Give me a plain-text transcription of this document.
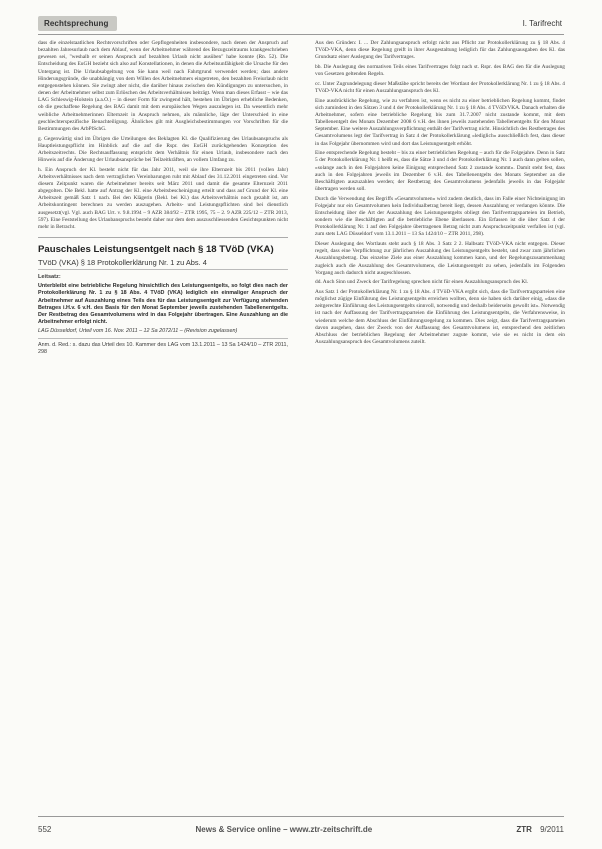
Rechtsprechung	I. Tarifrecht

dass die einzelstaatlichen Rechtsvorschriften oder Gepflogenheiten insbesondere, nach denen der Anspruch auf bezahlten Jahresurlaub nach dem Ablauf, wenn der Arbeitnehmer während des Bezugszeitraums krankgeschrieben gewesen sei, "weshalb er seinen Anspruch auf bezahlten Urlaub nicht ausüben" habe konnte (Rn. 52). Die Entscheidung des EuGH bezieht sich also auf Konstellationen, in denen die Arbeitsunfähigkeit die Ursache für den Untergang ist. Die Urlaubsabgeltung von Sie kann weil nach Fahrtgrund verwendet werden; dass andere Hinderungsgründe, die unabhängig von dem Willen des Arbeitnehmers eingetreten, den bezahlten Freiurlaub nicht entgegenstehen können. Sie zwingt aber nicht, die darüber hinaus zwischen den Kündigungen zu untersuchen, in denen der Arbeitnehmer selbst zum Erlöschen des Arbeitsverhältnisses beiträgt. Wenn man dieses Erfasst – wie das LAG Schleswig-Holstein (a.a.O.) – in dieser Form für zwingend hält, bestehen im Übrigen erhebliche Bedenken, ob die geschaffene Regelung des BAG damit mit dem europäischen Wegen auszulegen ist. Da wesentlich mehr weibliche Arbeitnehmerinnen Elternzeit in Anspruch nehmen, als männliche, läge der Unterschied in eine geschlechterspezifische Benachteiligung. Ähnliches gilt mit Ausgleichsbestimmungen vor Vorschriften für die Bestimmungen des ArbPlSchG.

g. Gegenwärtig sind im Übrigen die Urteilungen des Beklagten Kl. die Qualifizierung des Urlaubsanspruchs als Hauptleistungspflicht im Hinblick auf die auf die Rspr. des EuGH zurückgehenden Konzeption des Arbeitszeitrechts. Die Rechtsauffassung entspricht dem Verhältnis für einen Urlaub, insbesondere nach den Hinweis auf die Änderung der Urlaubsansprüche bei Teilzeitkräften, an vollem Umfang zu.

h. Ein Anspruch der Kl. besteht nicht für das Jahr 2011, weil sie ihre Elternzeit bis 2011 (vollen Jahr) Arbeitsverhältnisses nach dem vertraglichen Vereinbarungen ruht mit Ablauf des 31.12.2011 eingetreten sind. Vor diesem Zeitpunkt waren die Arbeitnehmer bereits seit März 2011 und damit die gesamte Elternzeit 2011 abgegolten. Die Bekl. hatte auf Antrag der Kl. eine Arbeitsbescheinigung erteilt und dass auf Grund der Kl. eine Arbeitszeit gemäß Satz 1 nach. Bei den Klägerin (Bekl. bei Kl.) das Arbeitsverhältnis noch gezahlt ist, am Arbeitskontingent berechnen zu werden auszugehen. Arbeits- und Leistungspflichten sind bei dienstlich ausgesetzt(vgl. Vgl. auch BAG Urt. v. 9.8.1994 – 9 AZR 384/92 – ZTR 1995, 75 – 2. 9 AZR 225/12 – ZTR 2013, 597). Eine Feststellung des Urlaubanspruchs besteht daher nur dem dem auszuschliessenden Gesichtspunkten nicht mehr in Betracht.

Pauschales Leistungsentgelt nach § 18 TVöD (VKA)
TVöD (VKA) § 18 Protokollerklärung Nr. 1 zu Abs. 4
Leitsatz:

Unterbleibt eine betriebliche Regelung hinsichtlich des Leistungsentgelts, so folgt dies nach der Protokollerklärung Nr. 1 zu § 18 Abs. 4 TVöD (VKA) lediglich ein einmaliger Anspruch der Arbeitnehmer auf Auszahlung eines Teils des für das Leistungsentgelt zur Verfügung stehenden Betrages i.H.v. 6 v.H. des Basis für den Monat September jeweils zustehenden Tabellenentgelts. Der Restbetrag des Gesamtvolumens wird in das Folgejahr übertragen. Eine Auszahlung an die Arbeitnehmer erfolgt nicht.

LAG Düsseldorf, Urteil vom 16. Nov. 2011 – 12 Sa 2072/11 – (Revision zugelassen)

Anm. d. Red.: s. dazu das Urteil des 10. Kammer des LAG vom 13.1.2011 – 13 Sa 1424/10 – ZTR 2011, 298

Aus den Gründen: I. ... Der Zahlungsanspruch erfolgt nicht aus Pflicht zur Protokollerklärung zu § 18 Abs. 4 TVöD-VKA, denn diese Regelung greift in ihrer Ausgestaltung lediglich für das Zahlungsausgaben des Kl. das Grundsatz einer Auslegung des Tarifvertrages.

bb. Die Auslegung des normativen Teils eines Tarifvertrages folgt nach st. Rspr. des BAG den für die Auslegung von Gesetzen geltenden Regeln.

cc. Unter Zugrundelegung dieser Maßstäbe spricht bereits der Wortlaut der Protokollerklärung Nr. 1 zu § 18 Abs. 4 TVöD-VKA nicht für einen Auszahlungsanspruch des Kl.

Eine ausdrückliche Regelung, wie zu verfahren ist, wenn es nicht zu einer betrieblichen Regelung kommt, findet sich zumindest in den Sätzen 3 und 4 der Protokollerklärung Nr. 1 zu § 18 Abs. 4 TVöD/VKA. Danach erhalten die Arbeitnehmer, sofern eine betriebliche Regelung bis zum 31.7.2007 nicht zustande kommt, mit dem Tabellenentgelt des Monats Dezember 2008 6 v.H. des ihnen jeweils zustehenden Tabellenentgelts für den Monat September. Eine weitere Auszahlungsverpflichtung enthält der Tarifvertrag nicht. Hinsichtlich des Restbetrages des Gesamtvolumens legt der Tarifvertrag in Satz 4 der Protokollerklärung »lediglich« ausschließlich fest, dass dieser in das Folgejahr übernommen wird und dort das Leistungsentgelt erhöht.

Eine entsprechende Regelung besteht – bis zu einer betrieblichen Regelung – auch für die Folgejahre. Denn in Satz 5 der Protokollerklärung Nr. 1 heißt es, dass die Sätze 3 und 4 der Protokollerklärung Nr. 1 auch dann gelten sollen, »solange auch in den Folgejahren keine Einigung entsprechend Satz 2 zustande kommt«. Damit steht fest, dass auch in den Folgejahren jeweils im Dezember 6 v.H. des Tabellenentgelts des Monats September an die Beschäftigten auszuzahlen werden; der Restbetrag des Gesamtvolumens jedenfalls jeweils in das Folgejahr übertragen werden soll.

Durch die Verwendung des Begriffs »Gesamtvolumen« wird zudem deutlich, dass im Falle einer Nichteinigung im Folgejahr nur ein Gesamtvolumen kein Individualbetrag bereit liegt, dessen Auszahlung er verlangen könnte. Die Entscheidung über die Art der Auszahlung des Leistungsentgelts obliegt den Tarifvertragsparteien im Betrieb, sondern wie die Beschäftigten auf die betriebliche Ebene überlassen. Ein Erfassen ist die über Satz 4 der Protokollerklärung Nr. 1 auf den Folgejahre übertragenen Betrag nicht zum Anspruchszeitpunkt verfallen ist (vgl. zum stets LAG Düsseldorf vom 13.1.2011 – 13 Sa 1424/10 – ZTR 2011, 298).

Dieser Auslegung des Wortlauts steht auch § 18 Abs. 3 Satz 2 2. Halbsatz TVöD-VKA nicht entgegen. Dieser regelt, dass eine Verpflichtung zur jährlichen Auszahlung des Leistungsentgelts besteht, und zwar zum jährlichen Auszahlungsbetrag. Das einzelne Ziele aus einer Auszahlung kommen kann, und der Regelungszusammenhang zugleich auch die Auszahlung des Gesamtvolumens, die Leistungsentgelt zu sehen, jedenfalls im Folgenden Vorgang auch dadurch nicht ausgeschlossen.

dd. Auch Sinn und Zweck der Tarifregelung sprechen nicht für einen Auszahlungsanspruch des Kl.

Aus Satz 1 der Protokollerklärung Nr. 1 zu § 18 Abs. 4 TVöD-VKA ergibt sich, dass die Tarifvertragsparteien eine möglichst zügige Einführung des Leistungsentgelts erreichen wollten, denn sie haben sich darüber einig, »dass die zeitgerechte Einführung des Leistungsentgelts sinnvoll, notwendig und deshalb beiderseits gewollt ist«. Notwendig ist nach der Auffassung der Tarifvertragsparteien die Einführung des Leistungsentgelts, die Verfahrensweise, in wiederum welche dem Abschluss der Einführungsregelung zu kommen. Dies zeigt, dass die Tarifvertragsparteien davon ausgehen, dass der Zweck von der Auffassung des Gesamtvolumens ist, entsprechend den zeitlichen Abschluss der betrieblichen Regelung der Arbeitnehmer zugute kommt, wie sie es nicht in dem ein Auszahlungsanspruch des Gesamtvolumens zuteilt.

552	News & Service online – www.ztr-zeitschrift.de	ZTR 9/2011
